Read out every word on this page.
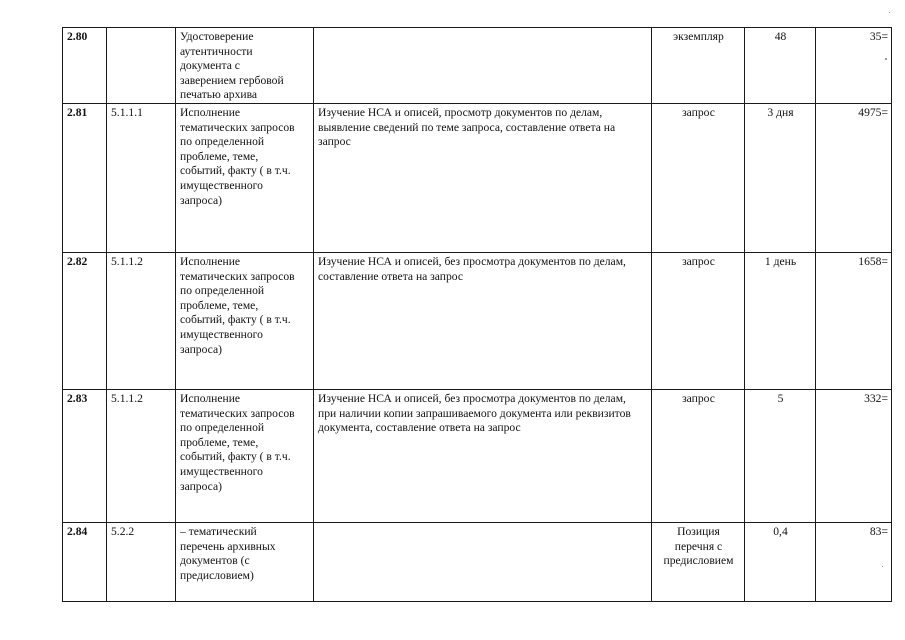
2.80		Удостоверение аутентичности документа с заверением гербовой печатью архива		экземпляр	48	35=
2.81	5.1.1.1	Исполнение тематических запросов по определенной проблеме, теме, событий, факту ( в т.ч. имущественного запроса)	Изучение НСА и описей, просмотр документов по делам, выявление сведений по теме запроса, составление ответа на запрос	запрос	3 дня	4975=
2.82	5.1.1.2	Исполнение тематических запросов по определенной проблеме, теме, событий, факту ( в т.ч. имущественного запроса)	Изучение НСА и описей, без просмотра документов по делам, составление ответа на запрос	запрос	1 день	1658=
2.83	5.1.1.2	Исполнение тематических запросов по определенной проблеме, теме, событий, факту ( в т.ч. имущественного запроса)	Изучение НСА и описей, без просмотра документов по делам, при наличии копии запрашиваемого документа или реквизитов документа, составление ответа на запрос	запрос	5	332=
2.84	5.2.2	– тематический перечень архивных документов (с предисловием)		Позиция перечня с предисловием	0,4	83=
